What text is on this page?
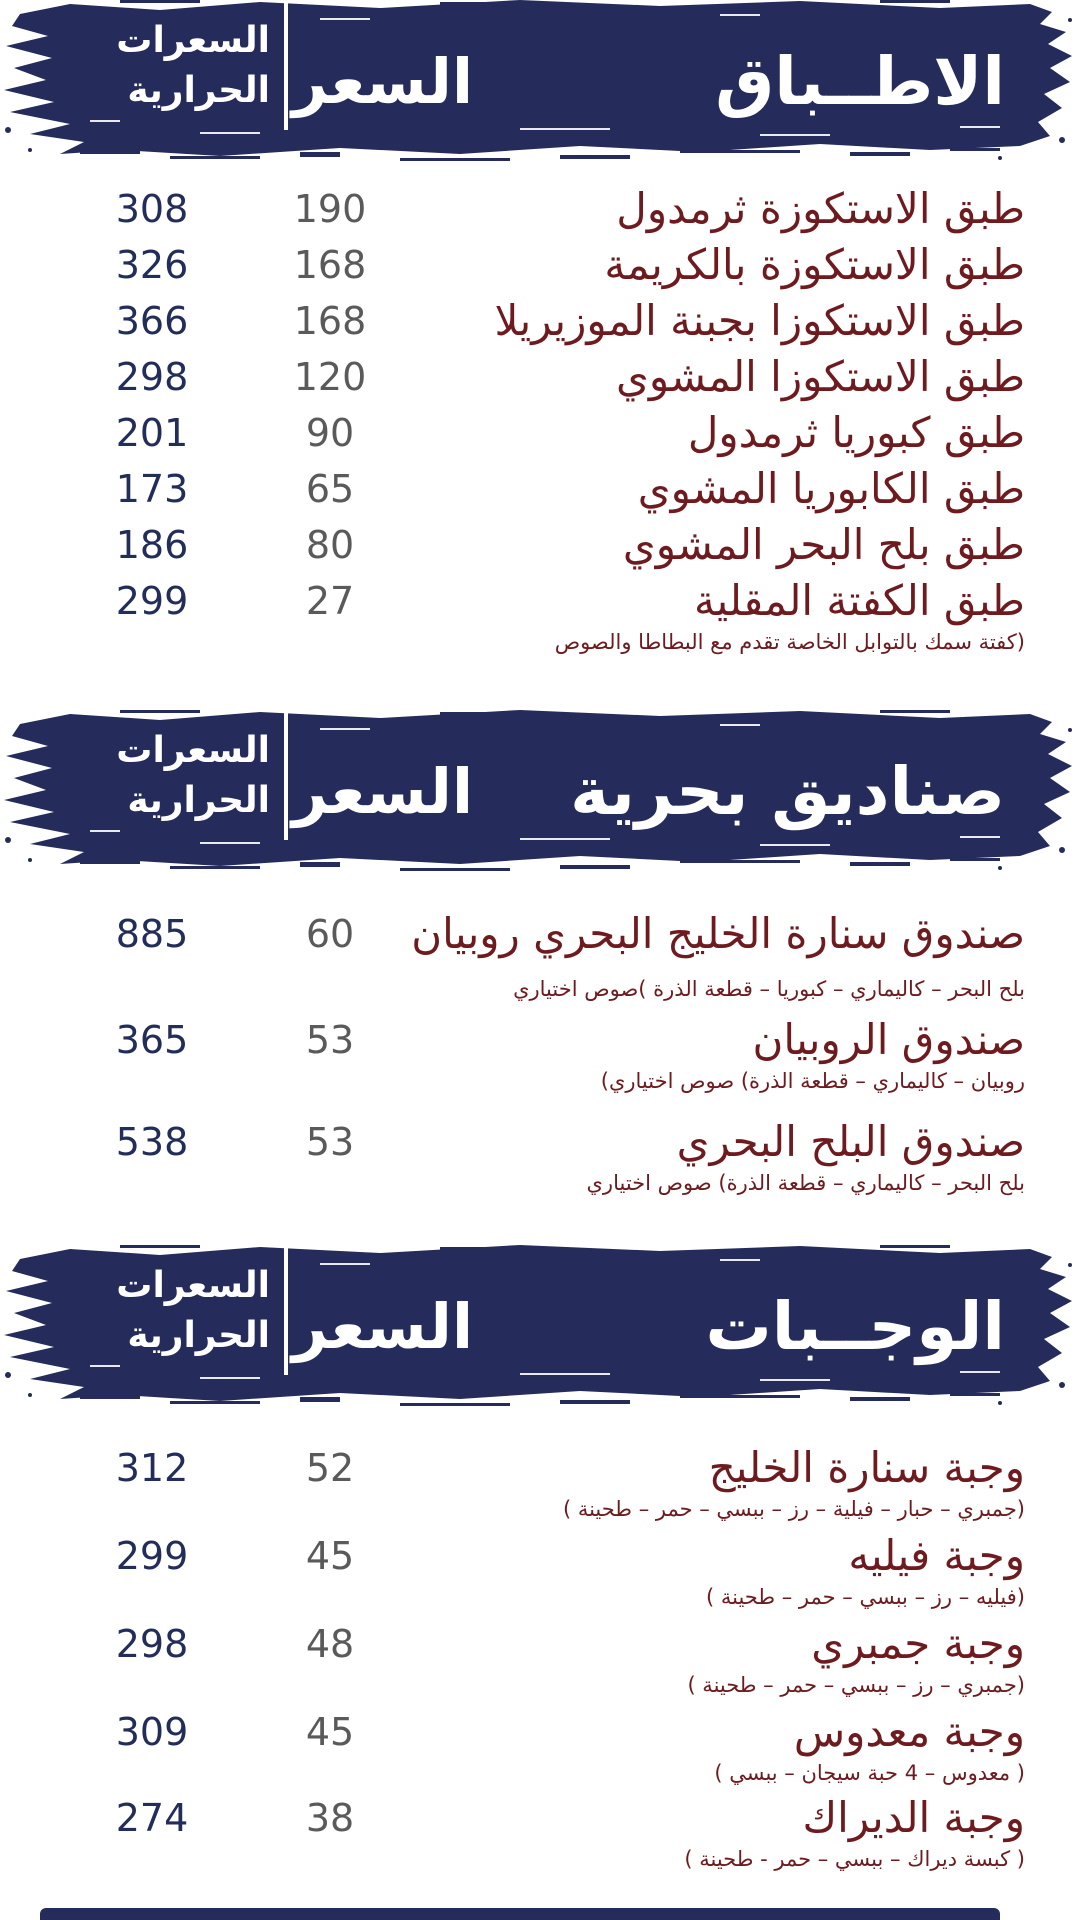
الاطــباق
السعر
السعرات الحرارية
طبق الاستكوزة ثرمدول
190
308
طبق الاستكوزة بالكريمة
168
326
طبق الاستكوزا بجبنة الموزيريلا
168
366
طبق الاستكوزا المشوي
120
298
طبق كبوريا ثرمدول
90
201
طبق الكابوريا المشوي
65
173
طبق بلح البحر المشوي
80
186
طبق الكفتة المقلية
(كفتة سمك بالتوابل الخاصة تقدم مع البطاطا والصوص
27
299
صناديق بحرية
السعر
السعرات الحرارية
صندوق سنارة الخليج البحري روبيان
بلح البحر – كاليماري – كبوريا – قطعة الذرة )صوص اختياري
60
885
صندوق الروبيان
روبيان – كاليماري – قطعة الذرة) صوص اختياري)
53
365
صندوق البلح البحري
بلح البحر – كاليماري – قطعة الذرة) صوص اختياري
53
538
الوجــبات
السعر
السعرات الحرارية
وجبة سنارة الخليج
(جمبري – حبار – فيلية – رز – ببسي – حمر – طحينة )
52
312
وجبة فيليه
(فيليه – رز – ببسي – حمر – طحينة )
45
299
وجبة جمبري
(جمبري – رز – ببسي – حمر – طحينة )
48
298
وجبة معدوس
( معدوس – 4 حبة سيجان – ببسي )
45
309
وجبة الديراك
( كبسة ديراك – ببسي – حمر - طحينة )
38
274
